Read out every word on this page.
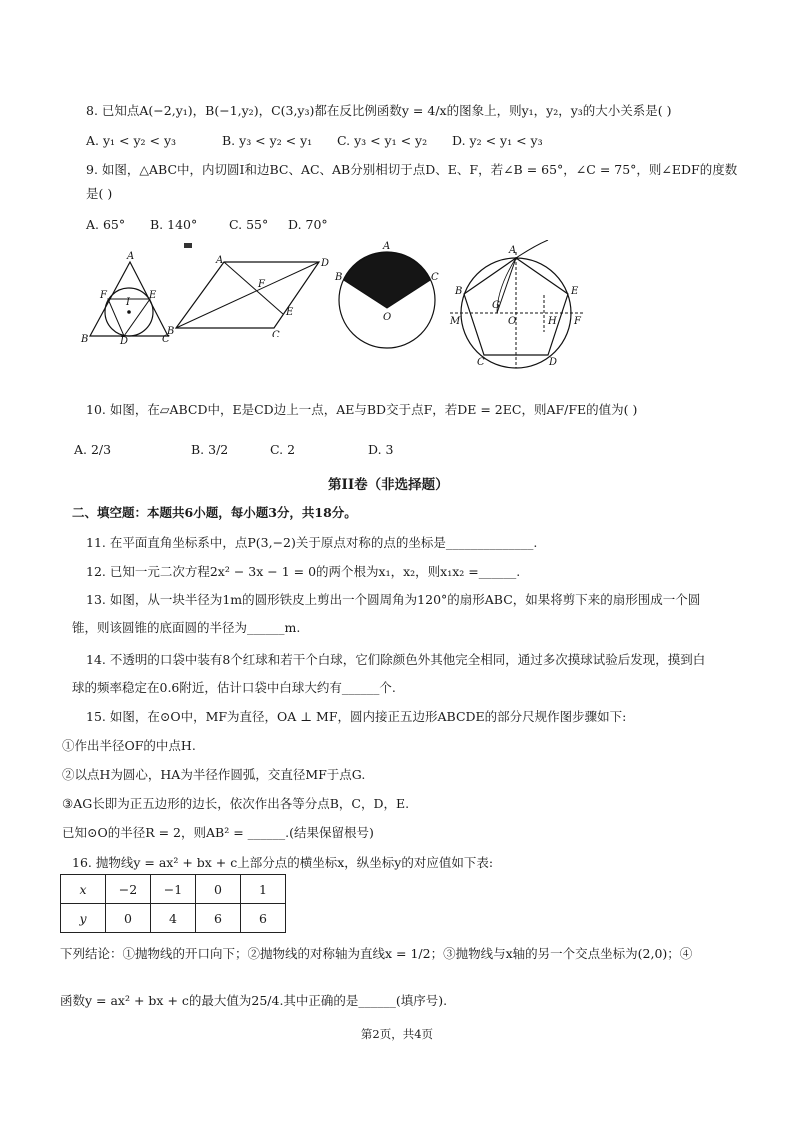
8. 已知点A(−2,y₁)，B(−1,y₂)，C(3,y₃)都在反比例函数y = 4/x的图象上，则y₁，y₂，y₃的大小关系是( )
A. y₁ < y₂ < y₃	B. y₃ < y₂ < y₁ C. y₃ < y₁ < y₂ D. y₂ < y₁ < y₃
9. 如图，△ABC中，内切圆I和边BC、AC、AB分别相切于点D、E、F，若∠B = 65°，∠C = 75°，则∠EDF的度数
是( )
A. 65° B. 140°	C. 55° D. 70°
A
B	C
D
E
F
I
A
B	C
D
E
F
A
B	C
O
A
B
C	D
E
M
G
O	H F
10. 如图，在▱ABCD中，E是CD边上一点，AE与BD交于点F，若DE = 2EC，则AF/FE的值为( )
A. 2/3	B. 3/2	C. 2	D. 3
第II卷（非选择题）
二、填空题：本题共6小题，每小题3分，共18分。
11. 在平面直角坐标系中，点P(3,−2)关于原点对称的点的坐标是______________.
12. 已知一元二次方程2x² − 3x − 1 = 0的两个根为x₁，x₂，则x₁x₂ =______.
13. 如图，从一块半径为1m的圆形铁皮上剪出一个圆周角为120°的扇形ABC，如果将剪下来的扇形围成一个圆
锥，则该圆锥的底面圆的半径为______m.
14. 不透明的口袋中装有8个红球和若干个白球，它们除颜色外其他完全相同，通过多次摸球试验后发现，摸到白
球的频率稳定在0.6附近，估计口袋中白球大约有______个.
15. 如图，在⊙O中，MF为直径，OA ⊥ MF，圆内接正五边形ABCDE的部分尺规作图步骤如下:
①作出半径OF的中点H.
②以点H为圆心，HA为半径作圆弧，交直径MF于点G.
③AG长即为正五边形的边长，依次作出各等分点B，C，D，E.
已知⊙O的半径R = 2，则AB² = ______.(结果保留根号)
16. 抛物线y = ax² + bx + c上部分点的横坐标x，纵坐标y的对应值如下表:
x	−2	−1	0	1
y	0	4	6	6
下列结论：①抛物线的开口向下；②抛物线的对称轴为直线x = 1/2；③抛物线与x轴的另一个交点坐标为(2,0)；④
函数y = ax² + bx + c的最大值为25/4.其中正确的是______(填序号).
第2页，共4页
